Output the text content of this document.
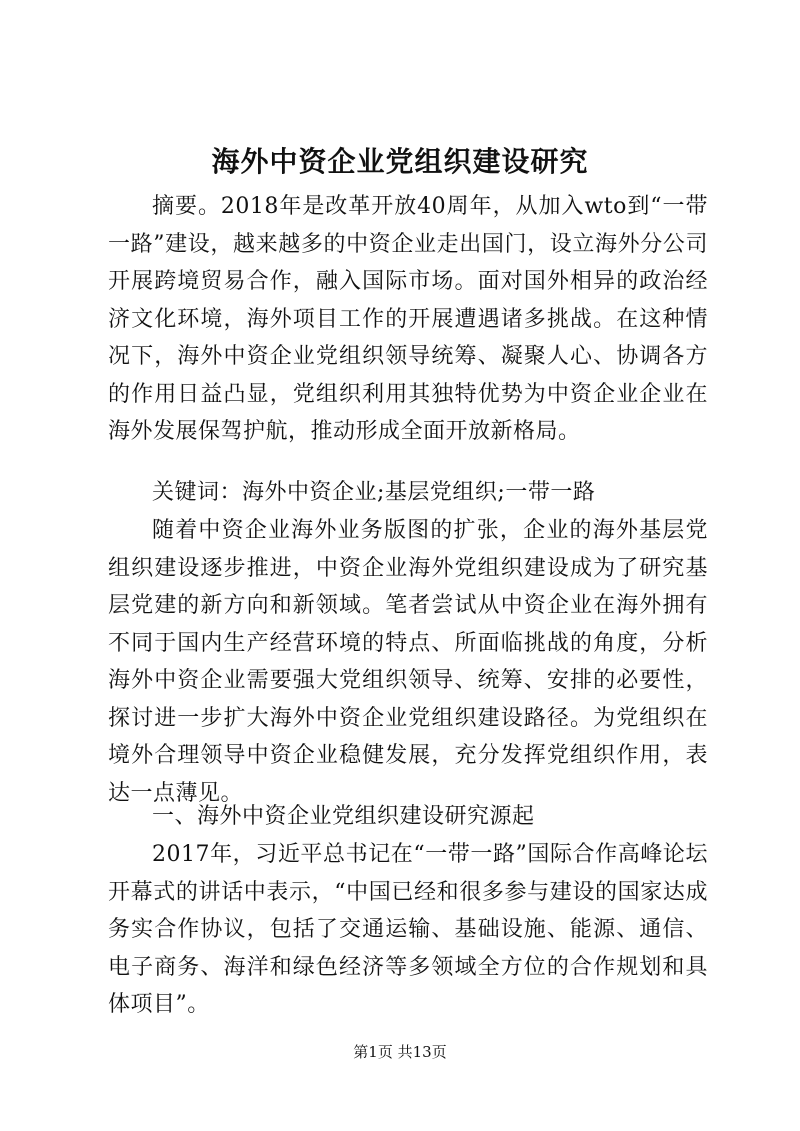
海外中资企业党组织建设研究

摘要。2018年是改革开放40周年，从加入wto到“一带一路”建设，越来越多的中资企业走出国门，设立海外分公司开展跨境贸易合作，融入国际市场。面对国外相异的政治经济文化环境，海外项目工作的开展遭遇诸多挑战。在这种情况下，海外中资企业党组织领导统筹、凝聚人心、协调各方的作用日益凸显，党组织利用其独特优势为中资企业企业在海外发展保驾护航，推动形成全面开放新格局。

关键词：海外中资企业;基层党组织;一带一路

随着中资企业海外业务版图的扩张，企业的海外基层党组织建设逐步推进，中资企业海外党组织建设成为了研究基层党建的新方向和新领域。笔者尝试从中资企业在海外拥有不同于国内生产经营环境的特点、所面临挑战的角度，分析海外中资企业需要强大党组织领导、统筹、安排的必要性，探讨进一步扩大海外中资企业党组织建设路径。为党组织在境外合理领导中资企业稳健发展，充分发挥党组织作用，表达一点薄见。

一、海外中资企业党组织建设研究源起

2017年，习近平总书记在“一带一路”国际合作高峰论坛开幕式的讲话中表示，“中国已经和很多参与建设的国家达成务实合作协议，包括了交通运输、基础设施、能源、通信、电子商务、海洋和绿色经济等多领域全方位的合作规划和具体项目”。

第1页 共13页
